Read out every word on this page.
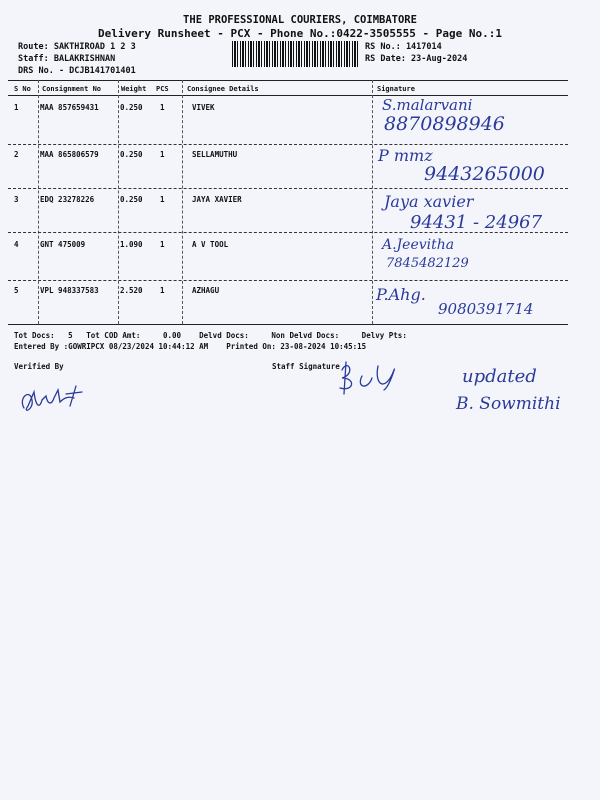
THE PROFESSIONAL COURIERS, COIMBATORE
Delivery Runsheet - PCX - Phone No.:0422-3505555 - Page No.:1
Route: SAKTHIROAD 1 2 3
Staff: BALAKRISHNAN
DRS No. - DCJB141701401
RS No.: 1417014
RS Date: 23-Aug-2024
S No Consignment No	Weight PCS	Consignee Details	Signature
1	MAA 857659431	0.250 1	VIVEK	S.malarvani
8870898946
2	MAA 865806579	0.250 1	SELLAMUTHU	P mmz
9443265000
3	EDQ 23278226	0.250 1	JAYA XAVIER	Jaya xavier
94431 - 24967
4	GNT 475009	1.090 1	A V TOOL	A.Jeevitha
7845482129
5	VPL 948337583	2.520 1	AZHAGU	P.Ahg.
9080391714
Tot Docs:   5   Tot COD Amt:     0.00    Delvd Docs:     Non Delvd Docs:     Delvy Pts:
Entered By :GOWRIPCX 08/23/2024 10:44:12 AM    Printed On: 23-08-2024 10:45:15
Verified By	Staff Signature	updated
B. Sowmithi
